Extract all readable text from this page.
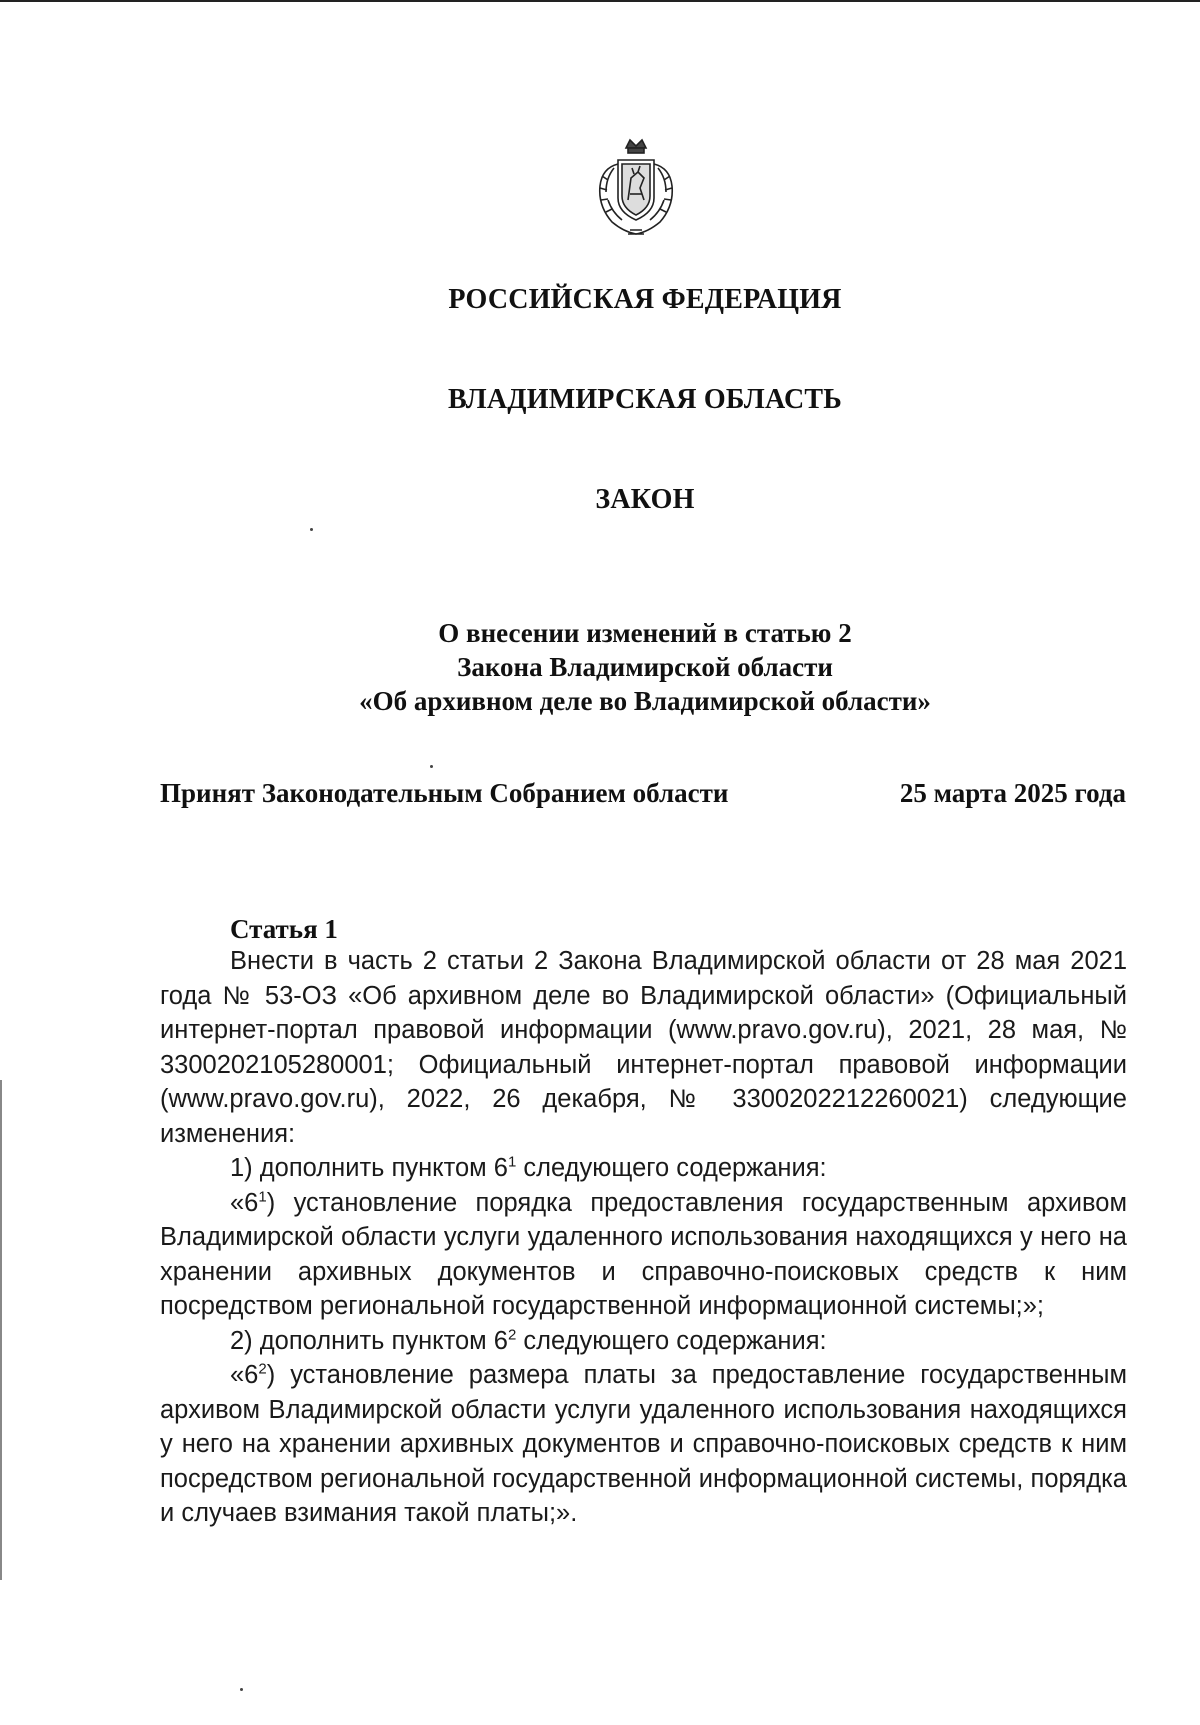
РОССИЙСКАЯ ФЕДЕРАЦИЯ
ВЛАДИМИРСКАЯ ОБЛАСТЬ
ЗАКОН
О внесении изменений в статью 2
Закона Владимирской области
«Об архивном деле во Владимирской области»
Принят Законодательным Собранием области	25 марта 2025 года
Статья 1

Внести в часть 2 статьи 2 Закона Владимирской области от 28 мая 2021 года № 53-ОЗ «Об архивном деле во Владимирской области» (Официальный интернет-портал правовой информации (www.pravo.gov.ru), 2021, 28 мая, № 3300202105280001; Официальный интернет-портал правовой информации (www.pravo.gov.ru), 2022, 26 декабря, № 3300202212260021) следующие изменения:

1) дополнить пунктом $6^1$ следующего содержания:

«$6^1$) установление порядка предоставления государственным архивом Владимирской области услуги удаленного использования находящихся у него на хранении архивных документов и справочно-поисковых средств к ним посредством региональной государственной информационной системы;»;

2) дополнить пунктом $6^2$ следующего содержания:

«$6^2$) установление размера платы за предоставление государственным архивом Владимирской области услуги удаленного использования находящихся у него на хранении архивных документов и справочно-поисковых средств к ним посредством региональной государственной информационной системы, порядка и случаев взимания такой платы;».
